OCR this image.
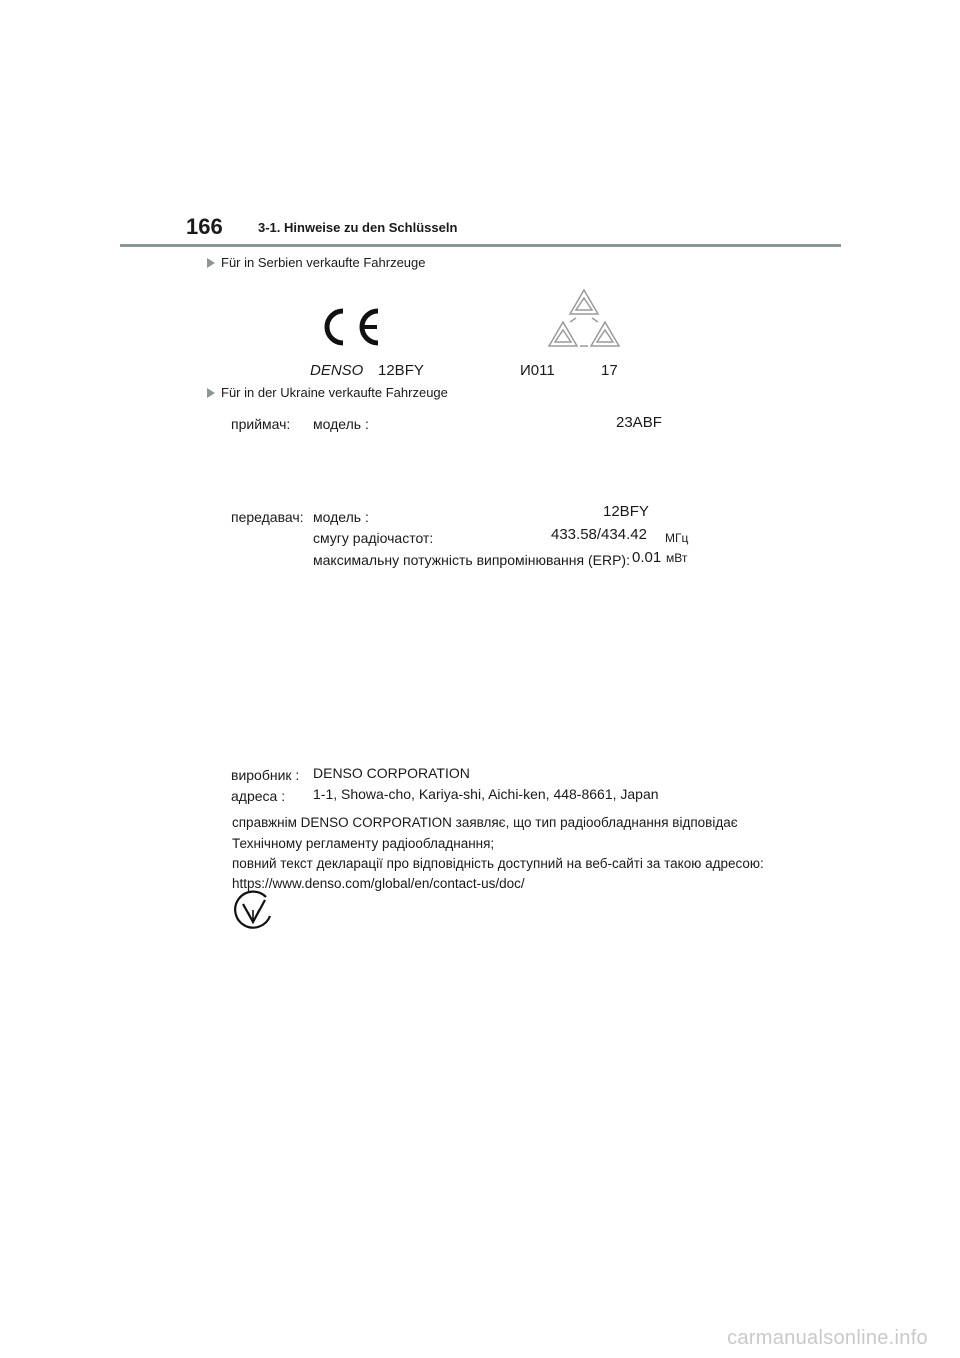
166	3-1. Hinweise zu den Schlüsseln
Für in Serbien verkaufte Fahrzeuge
DENSO 12BFY	И011	17
Für in der Ukraine verkaufte Fahrzeuge
приймач: модель :	23ABF
передавач: модель :	12BFY
смугу радіочастот:	433.58/434.42 МГц
максимальну потужність випромінювання (ERP): 0.01 мВт
виробник : DENSO CORPORATION
адреса : 1-1, Showa-cho, Kariya-shi, Aichi-ken, 448-8661, Japan
справжнім DENSO CORPORATION заявляє, що тип радіообладнання відповідає
Технічному регламенту радіообладнання;
повний текст декларації про відповідність доступний на веб-сайті за такою адресою:
https://www.denso.com/global/en/contact-us/doc/
carmanualsonline.info
